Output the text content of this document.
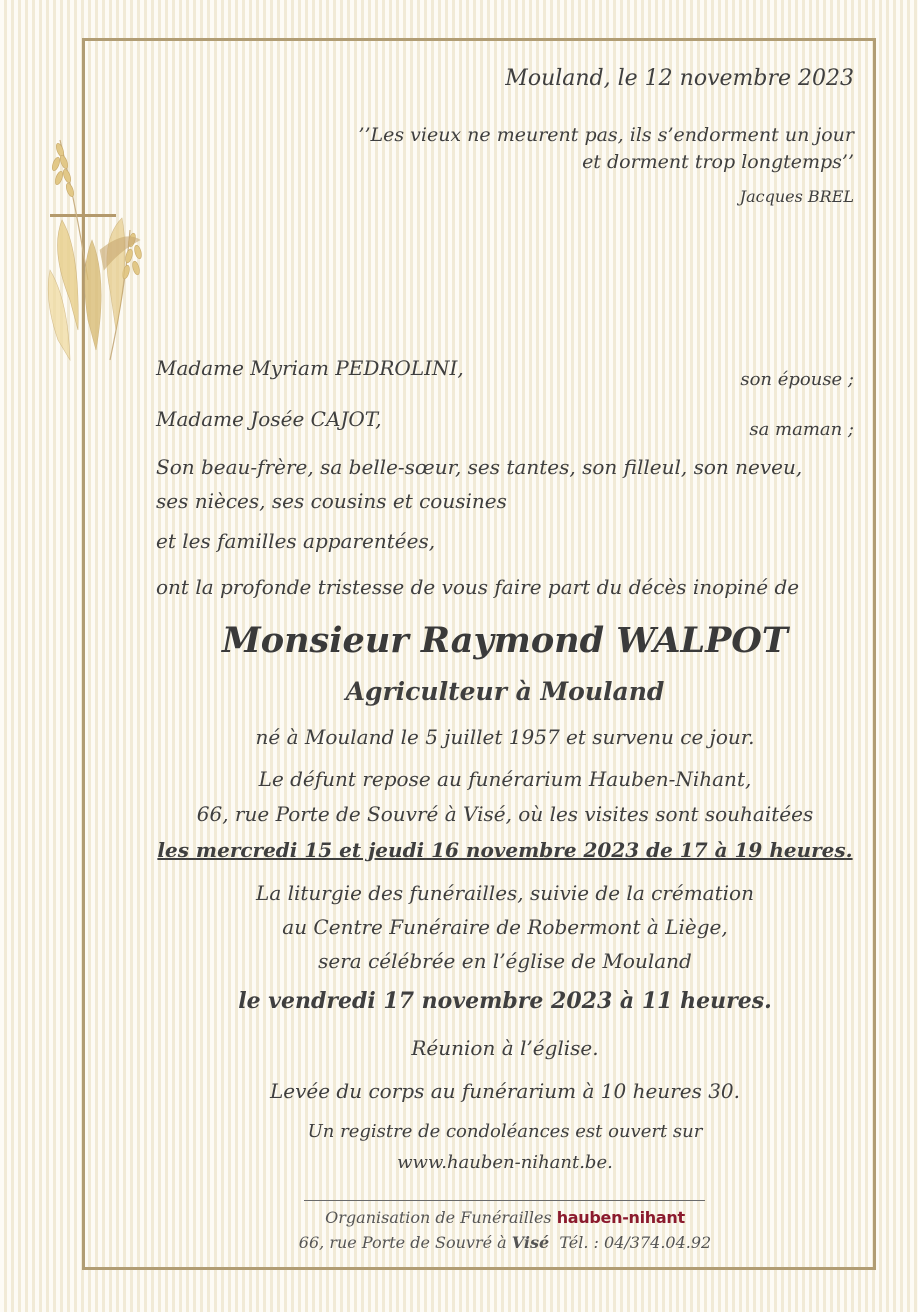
Mouland, le 12 novembre 2023
’’Les vieux ne meurent pas, ils s’endorment un jour
et dorment trop longtemps’’
Jacques BREL
Madame Myriam PEDROLINI,	son épouse ;
Madame Josée CAJOT,	sa maman ;
Son beau-frère, sa belle-sœur, ses tantes, son filleul, son neveu,
ses nièces, ses cousins et cousines
et les familles apparentées,
ont la profonde tristesse de vous faire part du décès inopiné de
Monsieur Raymond WALPOT
Agriculteur à Mouland
né à Mouland le 5 juillet 1957 et survenu ce jour.
Le défunt repose au funérarium Hauben-Nihant,
66, rue Porte de Souvré à Visé, où les visites sont souhaitées
les mercredi 15 et jeudi 16 novembre 2023 de 17 à 19 heures.
La liturgie des funérailles, suivie de la crémation
au Centre Funéraire de Robermont à Liège,
sera célébrée en l’église de Mouland
le vendredi 17 novembre 2023 à 11 heures.
Réunion à l’église.
Levée du corps au funérarium à 10 heures 30.
Un registre de condoléances est ouvert sur
www.hauben-nihant.be.
Organisation de Funérailles hauben-nihant
66, rue Porte de Souvré à Visé Tél. : 04/374.04.92
